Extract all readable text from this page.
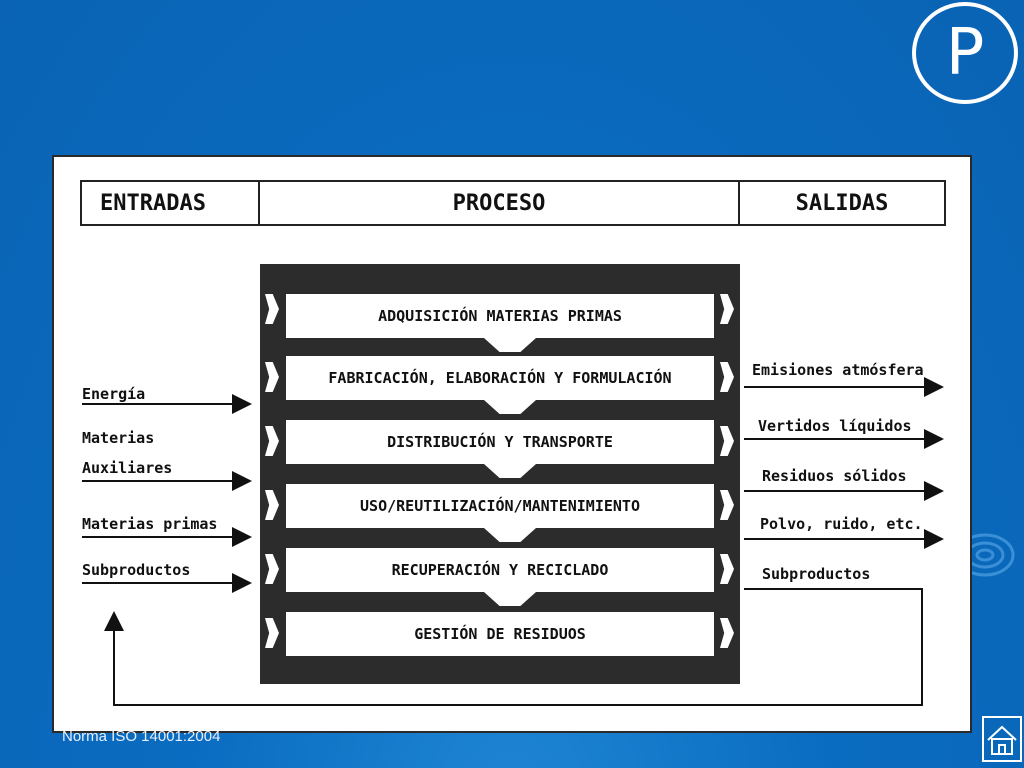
P
ENTRADAS	PROCESO	SALIDAS
ADQUISICIÓN MATERIAS PRIMAS
FABRICACIÓN, ELABORACIÓN Y FORMULACIÓN
DISTRIBUCIÓN Y TRANSPORTE
USO/REUTILIZACIÓN/MANTENIMIENTO
RECUPERACIÓN Y RECICLADO
GESTIÓN DE RESIDUOS
Energía
Materias
Auxiliares
Materias primas
Subproductos
Emisiones atmósfera
Vertidos líquidos
Residuos sólidos
Polvo, ruido, etc.
Subproductos
Norma ISO 14001:2004
